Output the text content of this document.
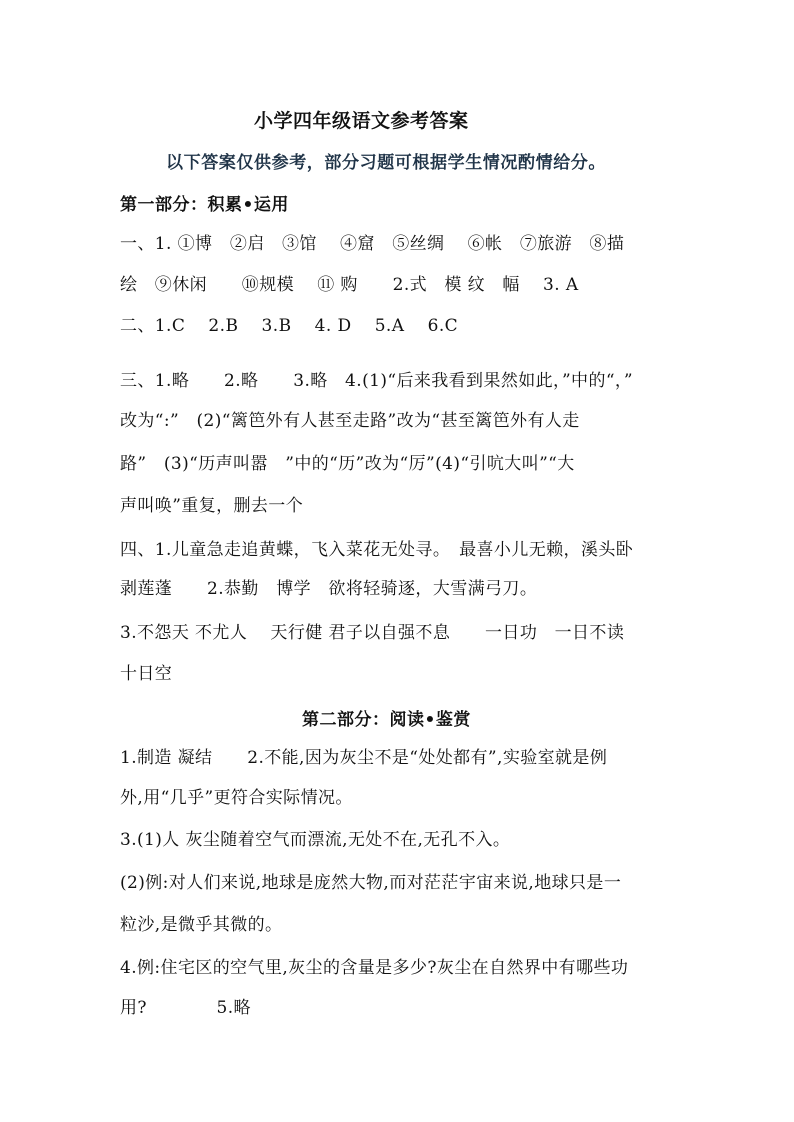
小学四年级语文参考答案
以下答案仅供参考，部分习题可根据学生情况酌情给分。
第一部分：积累•运用
一、1. ①博　②启　③馆　 ④窟　⑤丝绸　 ⑥帐　⑦旅游　⑧描
绘　⑨休闲　　⑩规模　 ⑪ 购　　2.式　模 纹　幅　 3. A
二、1.C　 2.B　 3.B　 4. D　 5.A　 6.C
三、1.略　　2.略　　3.略　4.(1)“后来我看到果然如此，”中的“，”
改为“:”　(2)“篱笆外有人甚至走路”改为“甚至篱笆外有人走
路”　(3)“历声叫嚣　”中的“历”改为“厉”(4)“引吭大叫”“大
声叫唤”重复，删去一个
四、1.儿童急走追黄蝶，飞入菜花无处寻。　最喜小儿无赖，溪头卧
剥莲蓬　　2.恭勤　博学　欲将轻骑逐，大雪满弓刀。
3.不怨天 不尤人　 天行健 君子以自强不息　　一日功　一日不读
十日空
第二部分：阅读•鉴赏
1.制造 凝结　　2.不能,因为灰尘不是“处处都有”,实验室就是例
外,用“几乎”更符合实际情况。
3.(1)人 灰尘随着空气而漂流,无处不在,无孔不入。
(2)例:对人们来说,地球是庞然大物,而对茫茫宇宙来说,地球只是一
粒沙,是微乎其微的。
4.例:住宅区的空气里,灰尘的含量是多少?灰尘在自然界中有哪些功
用?　　　　5.略
